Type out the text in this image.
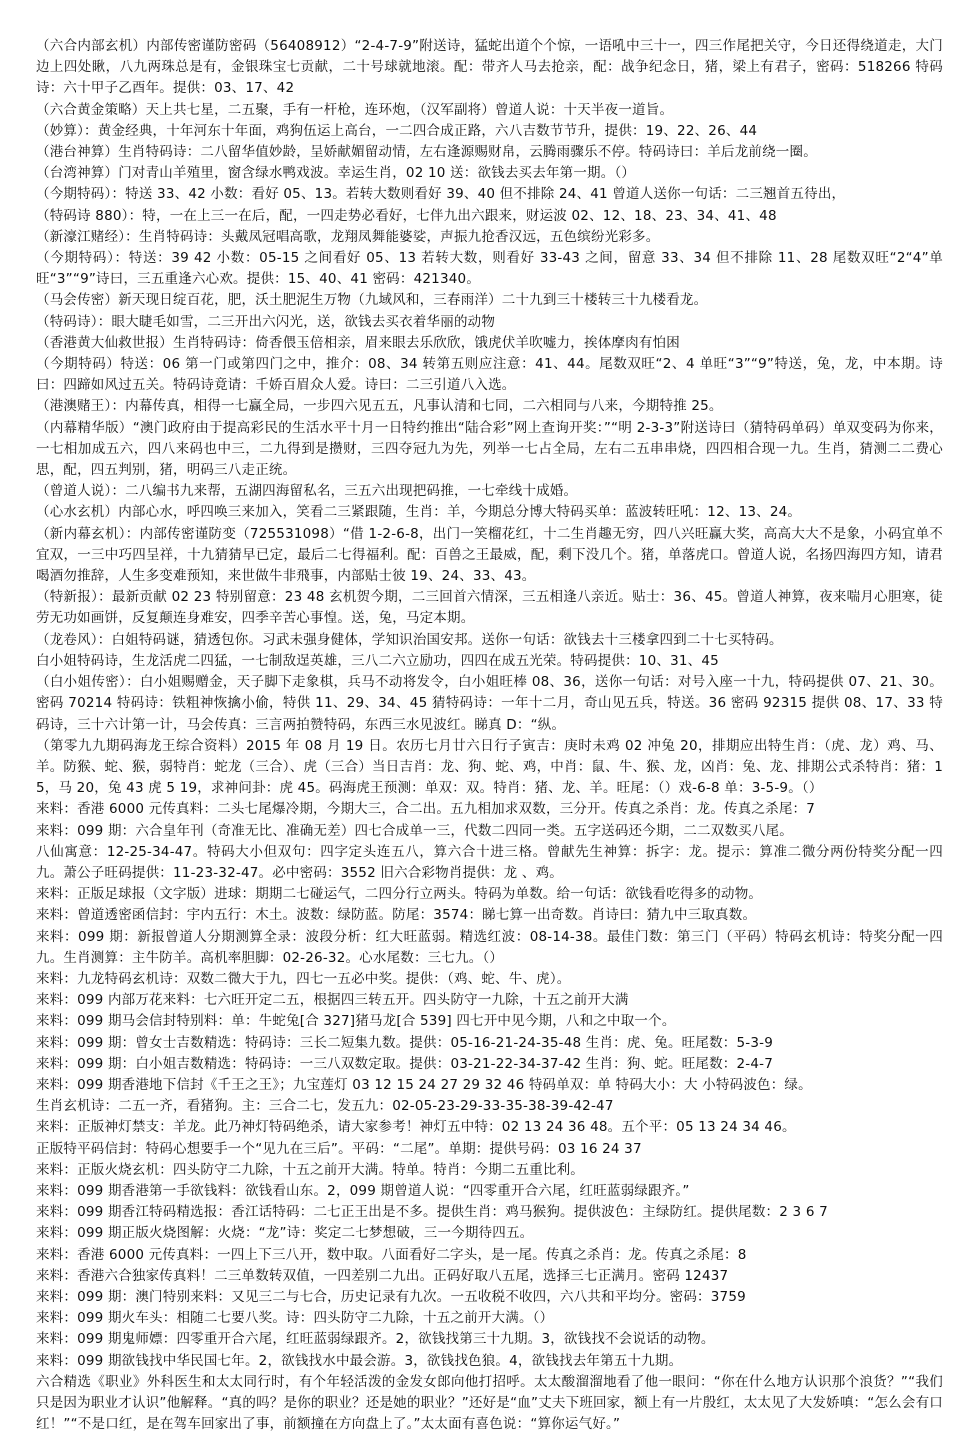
（六合内部玄机）内部传密谨防密码（56408912）“2-4-7-9”附送诗，猛蛇出道个个惊，一语吼中三十一，四三作尾把关守，今日还得绕道走，大门边上四处瞅，八九两珠总是有，金银珠宝七贡献，二十号球就地滚。配：带齐人马去抢亲，配：战争纪念日，猪，梁上有君子，密码：518266 特码诗：六十甲子乙酉年。提供：03、17、42

（六合黄金策略）天上共七星，二五聚，手有一杆枪，连环炮，（汉军副将）曾道人说：十天半夜一道旨。

（妙算）：黄金经典，十年河东十年面，鸡狗伍运上高台，一二四合成正路，六八吉数节节升，提供：19、22、26、44

（港台神算）生肖特码诗：二八留华值妙龄，呈娇献媚留动情，左右逢源赐财帛，云腾雨骤乐不停。特码诗曰：羊后龙前绕一圈。

（台湾神算）门对青山羊殖里，窗含绿水鸭戏波。幸运生肖，02 10 送：欲钱去买去年第一期。（）

（今期特码）：特送 33、42 小数：看好 05、13。若转大数则看好 39、40 但不排除 24、41 曾道人送你一句话：二三翘首五待出，

（特码诗 880）：特，一在上三一在后，配，一四走势必看好，七伴九出六跟来，财运波 02、12、18、23、34、41、48

（新濠江赌经）：生肖特码诗：头戴凤冠唱高歌，龙翔凤舞能婆娑，声振九抢香汉远，五色缤纷光彩多。

（今期特码）：特送：39 42 小数：05-15 之间看好 05、13 若转大数，则看好 33-43 之间，留意 33、34 但不排除 11、28 尾数双旺“2“4”单旺“3”“9”诗曰，三五重逢六心欢。提供：15、40、41 密码：421340。

（马会传密）新天现日绽百花，肥，沃土肥泥生万物（九域风和，三春雨洋）二十九到三十楼转三十九楼看龙。

（特码诗）：眼大睫毛如雪，二三开出六闪光，送，欲钱去买衣着华丽的动物

（香港黄大仙救世报）生肖特码诗：倚香偎玉倍相亲，眉来眼去乐欣欣，饿虎伏羊吹嘘力，挨体摩肉有怕困

（今期特码）特送：06 第一门或第四门之中，推介：08、34 转第五则应注意：41、44。尾数双旺“2、4 单旺“3”“9”特送，兔，龙，中本期。诗曰：四蹄如风过五关。特码诗竟请：千娇百眉众人爱。诗曰：二三引道八入选。

（港澳赌王）：内幕传真，相得一七赢全局，一步四六见五五，凡事认清和七同，二六相同与八来，今期特推 25。

（内幕精华版）“澳门政府由于提高彩民的生活水平十月一日特约推出“陆合彩”网上查询开奖：”“明 2-3-3”附送诗曰（猜特码单码）单双变码为你来，一七相加成五六，四八来码也中三，二九得到是攒财，三四夺冠九为先，列举一七占全局，左右二五串串烧，四四相合现一九。生肖，猜测二二费心思，配，四五判别，猪，明码三八走正统。

（曾道人说）：二八编书九来帮，五湖四海留私名，三五六出现把码推，一七牵线十成婚。

（心水玄机）内部心水，呼四唤三来加入，笑看二三紧跟随，生肖：羊，今期总分博大特码买单：蓝波转旺吼：12、13、24。

（新内幕玄机）：内部传密谨防变（725531098）“借 1-2-6-8，出门一笑榴花红，十二生肖趣无穷，四八兴旺赢大奖，高高大大不是象，小码宜单不宜双，一三中巧四呈祥，十九猜猜早已定，最后二七得福利。配：百兽之王最威，配，剩下没几个。猪，单落虎口。曾道人说，名扬四海四方知，请君喝酒勿推辞，人生多变难预知，来世做牛非飛事，内部贴士彼 19、24、33、43。

（特新报）：最新贡献 02 23 特别留意：23 48 玄机贺今期，二三回首六情深，三五相逢八亲近。贴士：36、45。曾道人神算，夜来喘月心胆寒，徒劳无功如画饼，反复颠连身难安，四季辛苦心事惶。送，兔，马定本期。

（龙卷风）：白姐特码谜，猜透包你。习武未强身健体，学知识治国安邦。送你一句话：欲钱去十三楼拿四到二十七买特码。

白小姐特码诗，生龙活虎二四猛，一七制敌逞英雄，三八二六立励功，四四在成五光荣。特码提供：10、31、45

（白小姐传密）：白小姐赐赠金，天子脚下走象棋，兵马不动将发令，白小姐旺棒 08、36，送你一句话：对号入座一十九，特码提供 07、21、30。密码 70214 特码诗：铁粗神恢擒小偷，特供 11、29、34、45 猜特码诗：一年十二月，奇山见五兵，特送。36 密码 92315 提供 08、17、33 特码诗，三十六计第一计，马会传真：三言两拍赞特码，东西三水见波红。睇真 D：“纵。

（第零九九期码海龙王综合资料）2015 年 08 月 19 日。农历七月廿六日行子寅吉：庚时未鸡 02 冲兔 20，排期应出特生肖：（虎、龙）鸡、马、羊。防猴、蛇、猴，弱特肖：蛇龙（三合）、虎（三合）当日吉肖：龙、狗、蛇、鸡，中肖：鼠、牛、猴、龙，凶肖：兔、龙、排期公式杀特肖：猪：15，马 20，兔 43 虎 5 19，求神问卦：虎 45。码海虎王预测：单双：双。特肖：猪、龙、羊。旺尾：（）戏-6-8 单：3-5-9。（）

来料：香港 6000 元传真料：二头七尾爆冷期，今期大三，合二出。五九相加求双数，三分开。传真之杀肖：龙。传真之杀尾：7

来料：099 期：六合皇年刊（奇准无比、准确无差）四七合成单一三，代数二四同一类。五字送码还今期，二二双数买八尾。

八仙寓意：12-25-34-47。特码大小但双句：四字定头连五八，算六合十进三格。曾献先生神算：拆字：龙。提示：算准二微分两份特奖分配一四九。萧公子旺码提供：11-23-32-47。必中密码：3552 旧六合彩物肖提供：龙 、鸡。

来料：正版足球报（文字版）进球：期期二七碰运气，二四分行立两头。特码为单数。给一句话：欲钱看吃得多的动物。

来料：曾道透密函信封：宇内五行：木土。波数：绿防蓝。防尾：3574：睇七算一出奇数。肖诗曰：猜九中三取真数。

来料：099 期：新报曾道人分期测算全录：波段分析：红大旺蓝弱。精选红波：08-14-38。最佳门数：第三门（平码）特码玄机诗：特奖分配一四九。生肖测算：主牛防羊。高机率胆脚：02-26-32。心水尾数：三七九。（）

来料：九龙特码玄机诗：双数二微大于九，四七一五必中奖。提供：（鸡、蛇、牛、虎）。

来料：099 内部万花来料：七六旺开定二五，根据四三转五开。四头防守一九除，十五之前开大满

来料：099 期马会信封特别料：单：牛蛇兔[合 327]猪马龙[合 539] 四七开中见今期，八和之中取一个。

来料：099 期：曾女士吉数精选：特码诗：三长二短集九数。提供：05-16-21-24-35-48 生肖：虎、兔。旺尾数：5-3-9

来料：099 期：白小姐吉数精选：特码诗：一三八双数定取。提供：03-21-22-34-37-42 生肖：狗、蛇。旺尾数：2-4-7

来料：099 期香港地下信封《千王之王》；九宝莲灯 03 12 15 24 27 29 32 46 特码单双：单 特码大小：大 小特码波色：绿。

生肖玄机诗：二五一齐，看猪狗。主：三合二七，发五九：02-05-23-29-33-35-38-39-42-47

来料：正版神灯禁支：羊龙。此乃神灯特码绝杀，请大家参考！神灯五中特：02 13 24 36 48。五个平：05 13 24 34 46。

正版特平码信封：特码心想要手一个“见九在三后”。平码：“二尾”。单期：提供号码：03 16 24 37

来料：正版火烧玄机：四头防守二九除，十五之前开大满。特单。特肖：今期二五重比利。

来料：099 期香港第一手欲钱料：欲钱看山东。2，099 期曾道人说：“四零重开合六尾，红旺蓝弱绿跟齐。”

来料：099 期香江特码精选报：香江话特码：二七正王出是不多。提供生肖：鸡马猴狗。提供波色：主绿防红。提供尾数：2 3 6 7

来料：099 期正版火烧图解：火烧：“龙”诗：奖定二七梦想破，三一今期待四五。

来料：香港 6000 元传真料：一四上下三八开，数中取。八面看好二字头，是一尾。传真之杀肖：龙。传真之杀尾：8

来料：香港六合独家传真料！二三单数转双值，一四差别二九出。正码好取八五尾，选择三七正满月。密码 12437

来料：099 期：澳门特别来料：又见三二与七合，历史记录有九次。一五收税不收四，六八共和平均分。密码：3759

来料：099 期火车头：相随二七要八奖。诗：四头防守二九除，十五之前开大满。（）

来料：099 期鬼师嫖：四零重开合六尾，红旺蓝弱绿跟齐。2，欲钱找第三十九期。3，欲钱找不会说话的动物。

来料：099 期欲钱找中华民国七年。2，欲钱找水中最会游。3，欲钱找色狼。4，欲钱找去年第五十九期。

六合精选《职业》外科医生和太太同行时，有个年轻活泼的金发女郎向他打招呼。太太酸溜溜地看了他一眼问：“你在什么地方认识那个浪货？”“我们只是因为职业才认识”他解释。“真的吗？是你的职业？还是她的职业？”还好是“血”丈夫下班回家，额上有一片殷红，太太见了大发娇嗔：“怎么会有口红！”“不是口红，是在驾车回家出了事，前额撞在方向盘上了。”太太面有喜色说：“算你运气好。”
